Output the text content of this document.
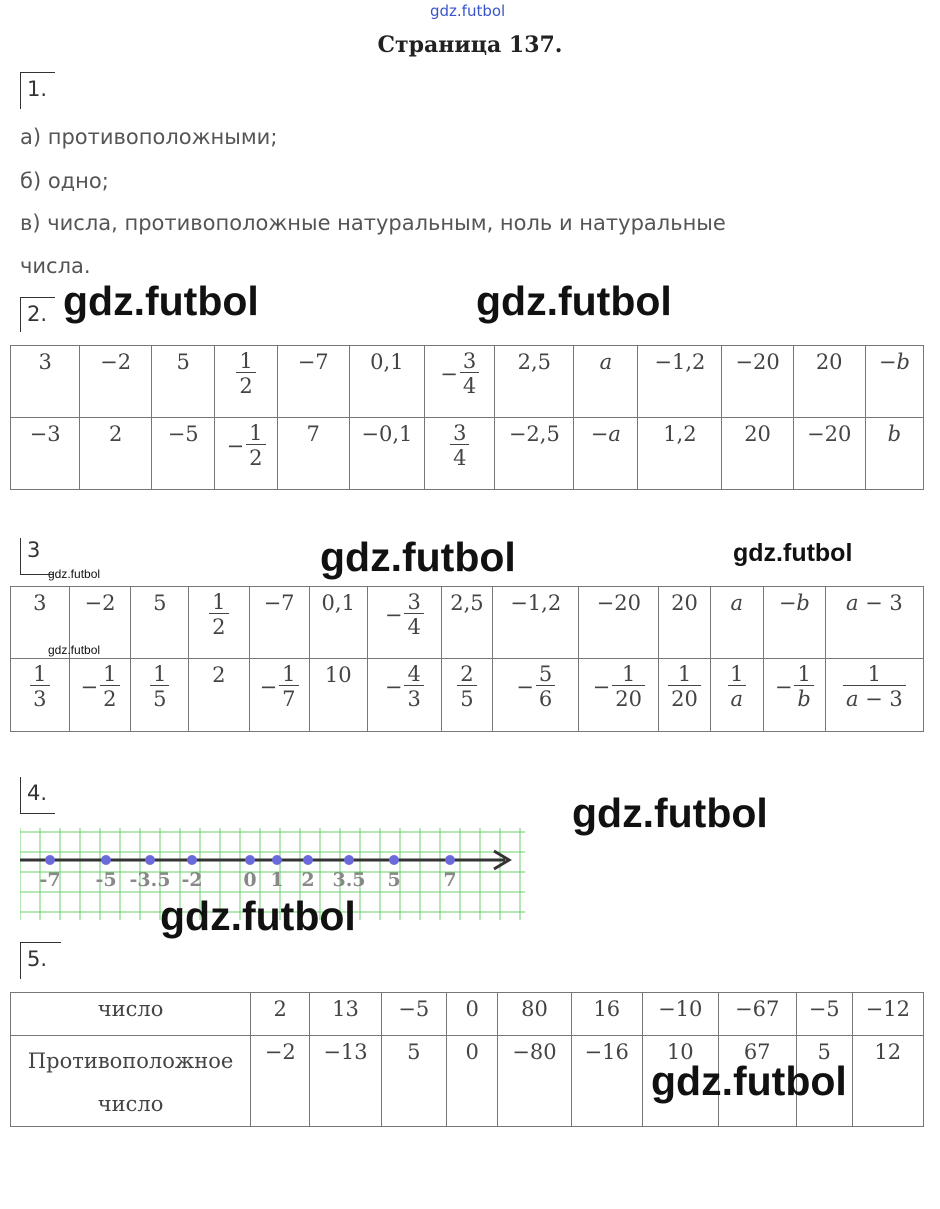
gdz.futbol
Страница 137.
1.
а) противоположными;
б) одно;
в) числа, противоположные натуральным, ноль и натуральные
числа.
2. gdz.futbol	gdz.futbol
3	−2	5	$\frac{1}{2}$	−7	0,1	− $\frac{3}{4}$	2,5	a	−1,2	−20	20	−b
−3	2	−5	− $\frac{1}{2}$	7	−0,1	$\frac{3}{4}$	−2,5	−a	1,2	20	−20	b
3
gdz.futbol	gdz.futbol	gdz.futbol
3	−2	5	$\frac{1}{2}$	−7	0,1	− $\frac{3}{4}$	2,5	−1,2	−20	20	a	−b	a − 3

$\frac{1}{3}$	− $\frac{1}{2}$	$\frac{1}{5}$	2	− $\frac{1}{7}$	10	− $\frac{4}{3}$	$\frac{2}{5}$	− $\frac{5}{6}$	− $\frac{1}{20}$	$\frac{1}{20}$	$\frac{1}{a}$	− $\frac{1}{b}$	$\frac{1}{a - 3}$
gdz.futbol
4.	gdz.futbol
-7 -5 -3.5 -2 0 1 2 3.5 5 7
gdz.futbol
5.
число	2	13	−5	0	80	16	−10	−67	−5	−12

Противоположное
число	−2	−13	5	0	−80	−16	10	67	5	12
gdz.futbol
